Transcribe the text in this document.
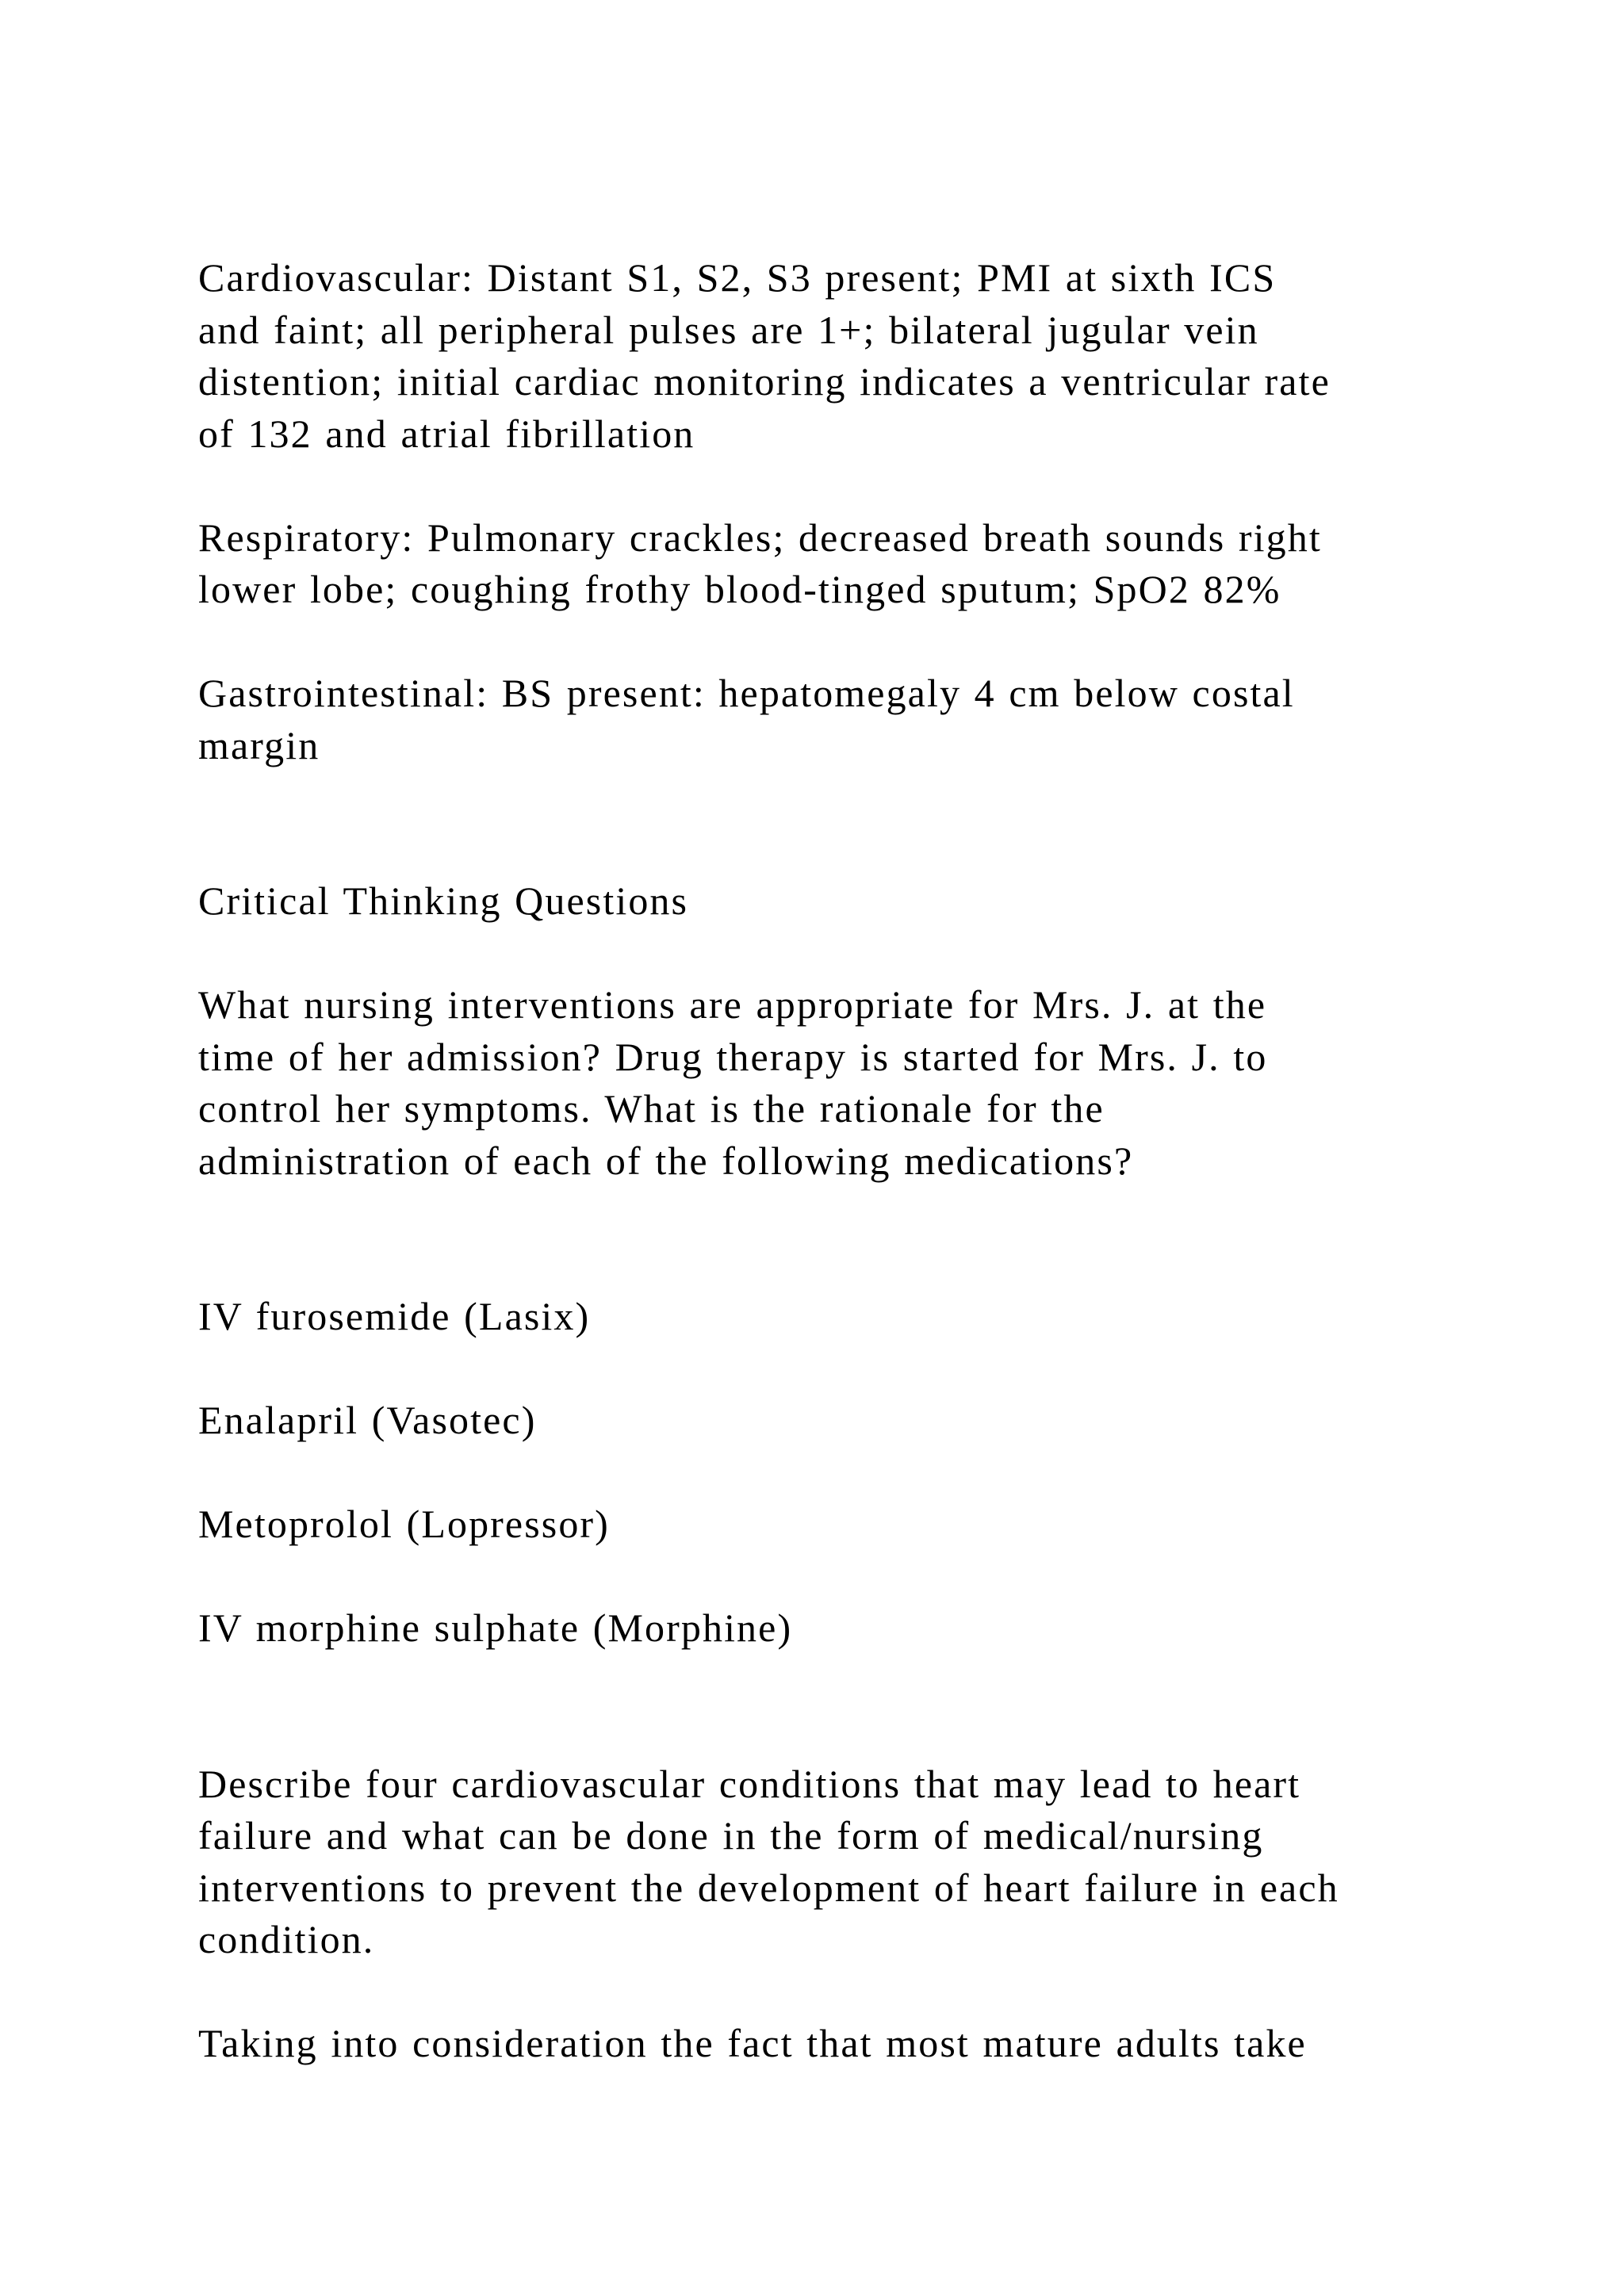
Cardiovascular: Distant S1, S2, S3 present; PMI at sixth ICS

and faint; all peripheral pulses are 1+; bilateral jugular vein

distention; initial cardiac monitoring indicates a ventricular rate

of 132 and atrial fibrillation

Respiratory: Pulmonary crackles; decreased breath sounds right

lower lobe; coughing frothy blood-tinged sputum; SpO2 82%

Gastrointestinal: BS present: hepatomegaly 4 cm below costal

margin

Critical Thinking Questions

What nursing interventions are appropriate for Mrs. J. at the

time of her admission? Drug therapy is started for Mrs. J. to

control her symptoms. What is the rationale for the

administration of each of the following medications?

IV furosemide (Lasix)

Enalapril (Vasotec)

Metoprolol (Lopressor)

IV morphine sulphate (Morphine)

Describe four cardiovascular conditions that may lead to heart

failure and what can be done in the form of medical/nursing

interventions to prevent the development of heart failure in each

condition.

Taking into consideration the fact that most mature adults take
